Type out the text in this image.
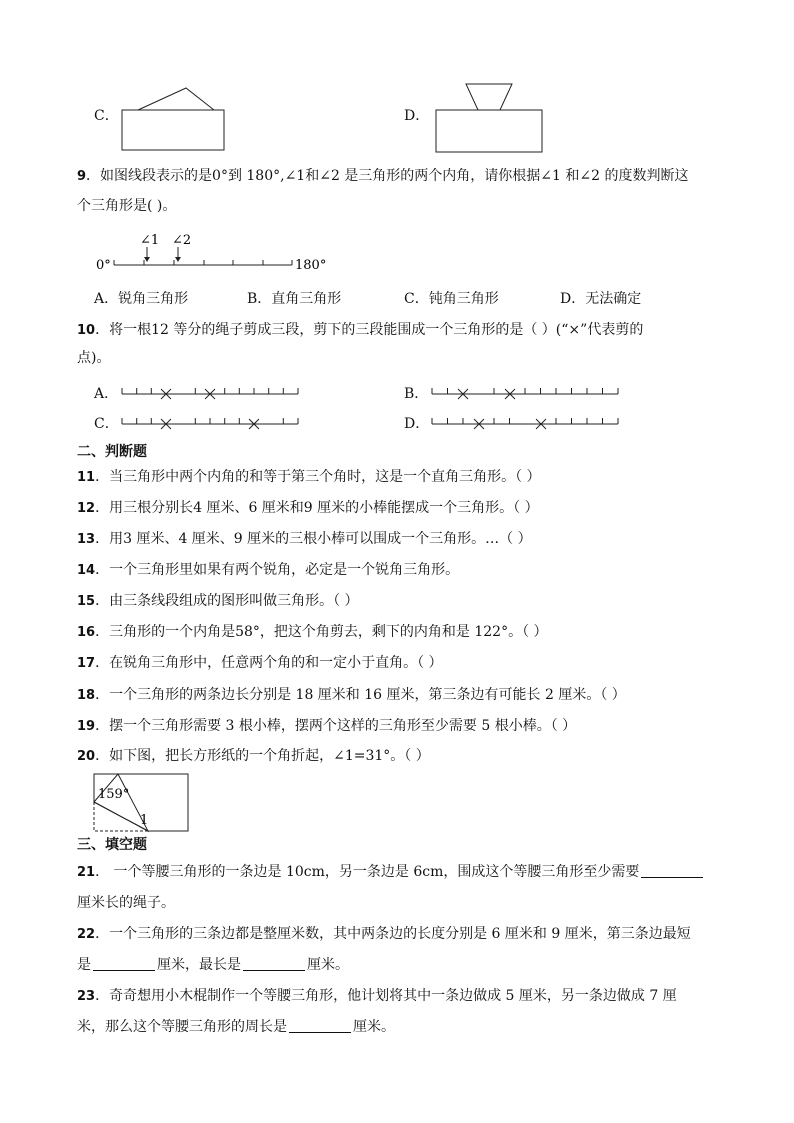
C．	D．
9．如图线段表示的是0°到 180°,∠1和∠2 是三角形的两个内角，请你根据∠1 和∠2 的度数判断这
个三角形是( )。
0°	180°
∠1 ∠2
A．锐角三角形	B．直角三角形	C．钝角三角形	D．无法确定
10．将一根12 等分的绳子剪成三段，剪下的三段能围成一个三角形的是（ ）(“×”代表剪的
点)。
A．	B．
C．	D．
二、判断题
11．当三角形中两个内角的和等于第三个角时，这是一个直角三角形。（ ）
12．用三根分别长4 厘米、6 厘米和9 厘米的小棒能摆成一个三角形。（ ）
13．用3 厘米、4 厘米、9 厘米的三根小棒可以围成一个三角形。…（ ）
14．一个三角形里如果有两个锐角，必定是一个锐角三角形。
15．由三条线段组成的图形叫做三角形。（ ）
16．三角形的一个内角是58°，把这个角剪去，剩下的内角和是 122°。（ ）
17．在锐角三角形中，任意两个角的和一定小于直角。（ ）
18．一个三角形的两条边长分别是 18 厘米和 16 厘米，第三条边有可能长 2 厘米。（ ）
19．摆一个三角形需要 3 根小棒，摆两个这样的三角形至少需要 5 根小棒。（ ）
20．如下图，把长方形纸的一个角折起，∠1=31°。（ ）
159°
1
三、填空题
21． 一个等腰三角形的一条边是 10cm，另一条边是 6cm，围成这个等腰三角形至少需要
厘米长的绳子。
22．一个三角形的三条边都是整厘米数，其中两条边的长度分别是 6 厘米和 9 厘米，第三条边最短
是	厘米，最长是	厘米。
23．奇奇想用小木棍制作一个等腰三角形，他计划将其中一条边做成 5 厘米，另一条边做成 7 厘
米，那么这个等腰三角形的周长是	厘米。
